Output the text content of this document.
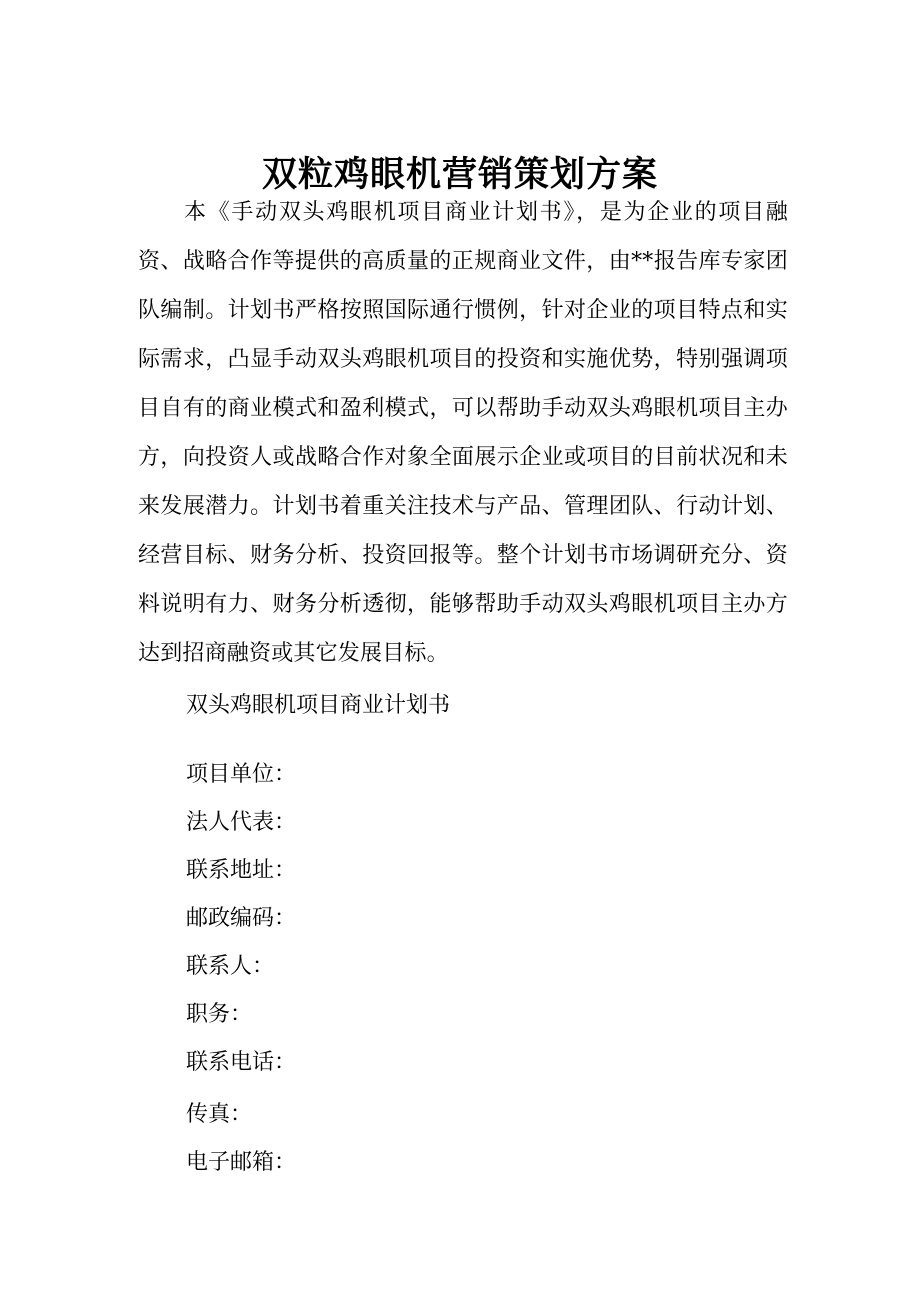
双粒鸡眼机营销策划方案

本《手动双头鸡眼机项目商业计划书》，是为企业的项目融资、战略合作等提供的高质量的正规商业文件，由**报告库专家团队编制。计划书严格按照国际通行惯例，针对企业的项目特点和实际需求，凸显手动双头鸡眼机项目的投资和实施优势，特别强调项目自有的商业模式和盈利模式，可以帮助手动双头鸡眼机项目主办方，向投资人或战略合作对象全面展示企业或项目的目前状况和未来发展潜力。计划书着重关注技术与产品、管理团队、行动计划、经营目标、财务分析、投资回报等。整个计划书市场调研充分、资料说明有力、财务分析透彻，能够帮助手动双头鸡眼机项目主办方达到招商融资或其它发展目标。

双头鸡眼机项目商业计划书
项目单位：
法人代表：
联系地址：
邮政编码：
联系人：
职务：
联系电话：
传真：
电子邮箱：
